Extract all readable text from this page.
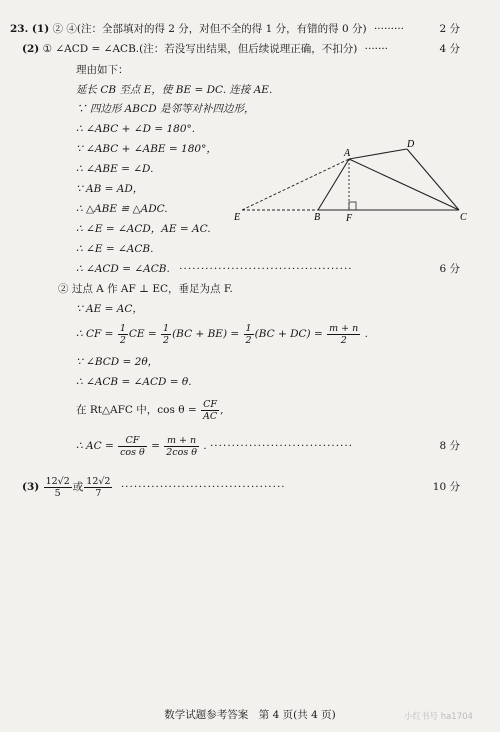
23. (1) ② ④(注：全部填对的得 2 分，对但不全的得 1 分，有错的得 0 分) ·········	2 分
(2) ① ∠ACD = ∠ACB.(注：若没写出结果，但后续说理正确，不扣分) ·······	4 分
理由如下：
延长 CB 至点 E，使 BE = DC. 连接 AE.
∵ 四边形 ABCD 是邻等对补四边形，
∴ ∠ABC + ∠D = 180°.
∵ ∠ABC + ∠ABE = 180°，
∴ ∠ABE = ∠D.
∵ AB = AD，
∴ △ABE ≌ △ADC.
∴ ∠E = ∠ACD，AE = AC.
∴ ∠E = ∠ACB.
∴ ∠ACD = ∠ACB. ········································	6 分
A
B	C
D
E	F
② 过点 A 作 AF ⊥ EC，垂足为点 F.
∵ AE = AC，
∴ CF = $\frac{1}{2}$ CE = $\frac{1}{2} (BC + BE) = \frac{1}{2} (BC + DC) = \frac{m + n}{2}$ .
∵ ∠BCD = 2θ，
∴ ∠ACB = ∠ACD = θ.
在 Rt△AFC 中，$\cos \theta = \frac{CF}{AC}$ ,
∴ AC = $\frac{CF}{\text{cos θ}} = \frac{m + n}{\text{2cos θ}}$ . ·································	8 分
$(3) \frac{12√2}{5}$ 或 $\frac{12√2}{7}$ ······································	10 分
数学试题参考答案　第 4 页(共 4 页)	小红书号 ha1704
